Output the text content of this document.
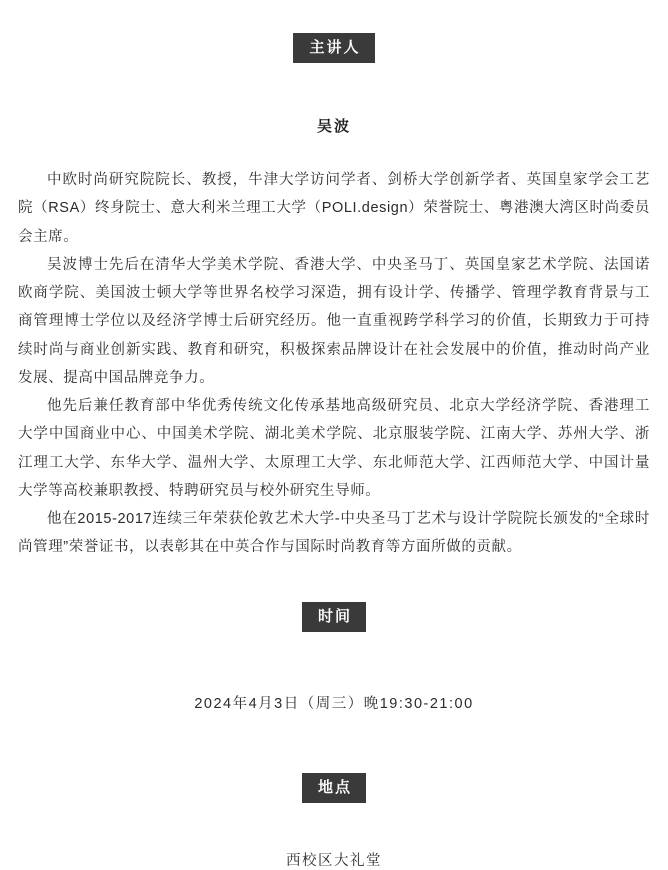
主讲人
吴波

中欧时尚研究院院长、教授，牛津大学访问学者、剑桥大学创新学者、英国皇家学会工艺院（RSA）终身院士、意大利米兰理工大学（POLI.design）荣誉院士、粤港澳大湾区时尚委员会主席。

吴波博士先后在清华大学美术学院、香港大学、中央圣马丁、英国皇家艺术学院、法国诺欧商学院、美国波士顿大学等世界名校学习深造，拥有设计学、传播学、管理学教育背景与工商管理博士学位以及经济学博士后研究经历。他一直重视跨学科学习的价值，长期致力于可持续时尚与商业创新实践、教育和研究，积极探索品牌设计在社会发展中的价值，推动时尚产业发展、提高中国品牌竞争力。

他先后兼任教育部中华优秀传统文化传承基地高级研究员、北京大学经济学院、香港理工大学中国商业中心、中国美术学院、湖北美术学院、北京服装学院、江南大学、苏州大学、浙江理工大学、东华大学、温州大学、太原理工大学、东北师范大学、江西师范大学、中国计量大学等高校兼职教授、特聘研究员与校外研究生导师。

他在2015-2017连续三年荣获伦敦艺术大学-中央圣马丁艺术与设计学院院长颁发的“全球时尚管理”荣誉证书，以表彰其在中英合作与国际时尚教育等方面所做的贡献。

时间
2024年4月3日（周三）晚19:30-21:00
地点
西校区大礼堂
